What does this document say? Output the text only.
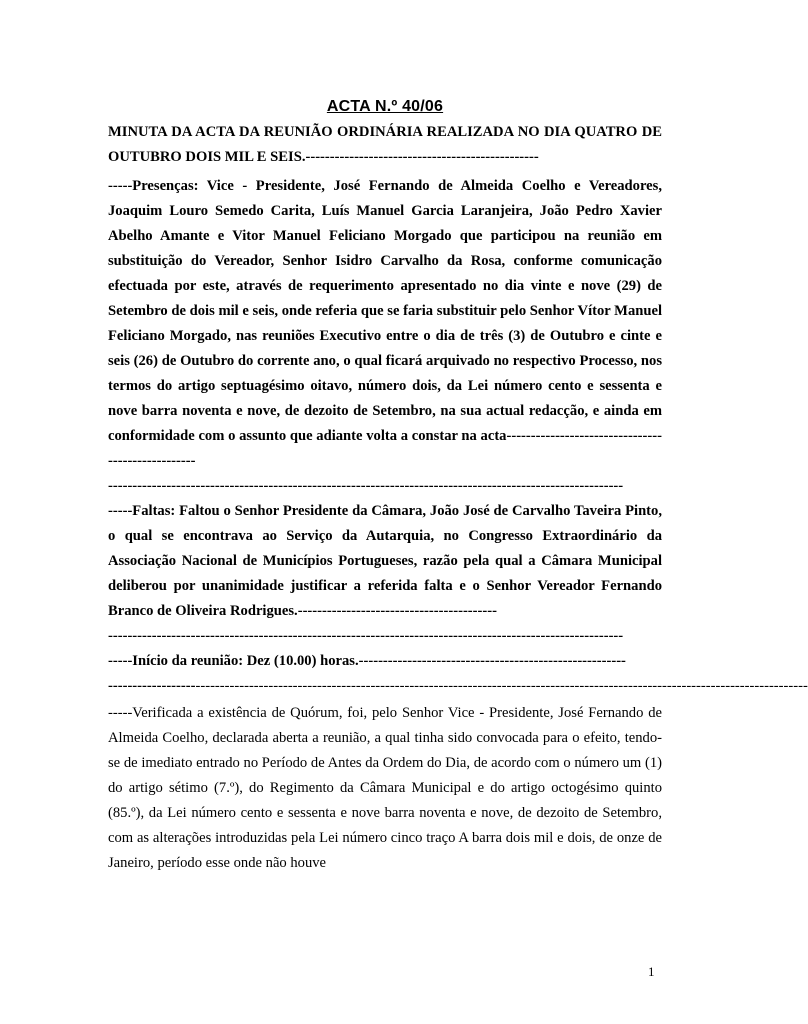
ACTA N.º 40/06

MINUTA DA ACTA DA REUNIÃO ORDINÁRIA REALIZADA NO DIA QUATRO DE OUTUBRO DOIS MIL E SEIS.------------------------------------------------

-----Presenças: Vice - Presidente, José Fernando de Almeida Coelho e Vereadores, Joaquim Louro Semedo Carita, Luís Manuel Garcia Laranjeira, João Pedro Xavier Abelho Amante e Vitor Manuel Feliciano Morgado que participou na reunião em substituição do Vereador, Senhor Isidro Carvalho da Rosa, conforme comunicação efectuada por este, através de requerimento apresentado no dia vinte e nove (29) de Setembro de dois mil e seis, onde referia que se faria substituir pelo Senhor Vítor Manuel Feliciano Morgado, nas reuniões Executivo entre o dia de três (3) de Outubro e cinte e seis (26) de Outubro do corrente ano, o qual ficará arquivado no respectivo Processo, nos termos do artigo septuagésimo oitavo, número dois, da Lei número cento e sessenta e nove barra noventa e nove, de dezoito de Setembro, na sua actual redacção, e ainda em conformidade com o assunto que adiante volta a constar na acta--------------------------------------------------

----------------------------------------------------------------------------------------------------------

-----Faltas: Faltou o Senhor Presidente da Câmara, João José de Carvalho Taveira Pinto, o qual se encontrava ao Serviço da Autarquia, no Congresso Extraordinário da Associação Nacional de Municípios Portugueses, razão pela qual a Câmara Municipal deliberou por unanimidade justificar a referida falta e o Senhor Vereador Fernando Branco de Oliveira Rodrigues.-----------------------------------------

----------------------------------------------------------------------------------------------------------

-----Início da reunião: Dez (10.00) horas.-------------------------------------------------------

------------------------------------------------------------------------------------------------------------------------------------------------

-----Verificada a existência de Quórum, foi, pelo Senhor Vice - Presidente, José Fernando de Almeida Coelho, declarada aberta a reunião, a qual tinha sido convocada para o efeito, tendo-se de imediato entrado no Período de Antes da Ordem do Dia, de acordo com o número um (1) do artigo sétimo (7.º), do Regimento da Câmara Municipal e do artigo octogésimo quinto (85.º), da Lei número cento e sessenta e nove barra noventa e nove, de dezoito de Setembro, com as alterações introduzidas pela Lei número cinco traço A barra dois mil e dois, de onze de Janeiro, período esse onde não houve

1
